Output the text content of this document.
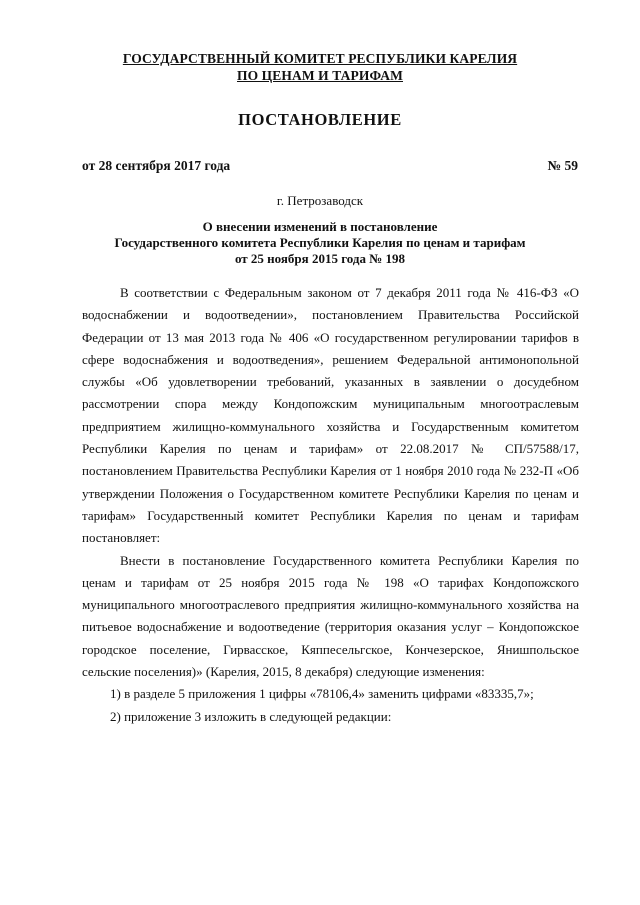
ГОСУДАРСТВЕННЫЙ КОМИТЕТ РЕСПУБЛИКИ КАРЕЛИЯ
ПО ЦЕНАМ И ТАРИФАМ
ПОСТАНОВЛЕНИЕ
от 28 сентября 2017 года	№ 59
г. Петрозаводск
О внесении изменений в постановление
Государственного комитета Республики Карелия по ценам и тарифам
от 25 ноября 2015 года № 198

В соответствии с Федеральным законом от 7 декабря 2011 года № 416-ФЗ «О водоснабжении и водоотведении», постановлением Правительства Российской Федерации от 13 мая 2013 года № 406 «О государственном регулировании тарифов в сфере водоснабжения и водоотведения», решением Федеральной антимонопольной службы «Об удовлетворении требований, указанных в заявлении о досудебном рассмотрении спора между Кондопожским муниципальным многоотраслевым предприятием жилищно-коммунального хозяйства и Государственным комитетом Республики Карелия по ценам и тарифам» от 22.08.2017 № СП/57588/17, постановлением Правительства Республики Карелия от 1 ноября 2010 года № 232-П «Об утверждении Положения о Государственном комитете Республики Карелия по ценам и тарифам» Государственный комитет Республики Карелия по ценам и тарифам постановляет:

Внести в постановление Государственного комитета Республики Карелия по ценам и тарифам от 25 ноября 2015 года № 198 «О тарифах Кондопожского муниципального многоотраслевого предприятия жилищно-коммунального хозяйства на питьевое водоснабжение и водоотведение (территория оказания услуг – Кондопожское городское поселение, Гирвасское, Кяппесельгское, Кончезерское, Янишпольское сельские поселения)» (Карелия, 2015, 8 декабря) следующие изменения:

1) в разделе 5 приложения 1 цифры «78106,4» заменить цифрами «83335,7»;

2) приложение 3 изложить в следующей редакции:
